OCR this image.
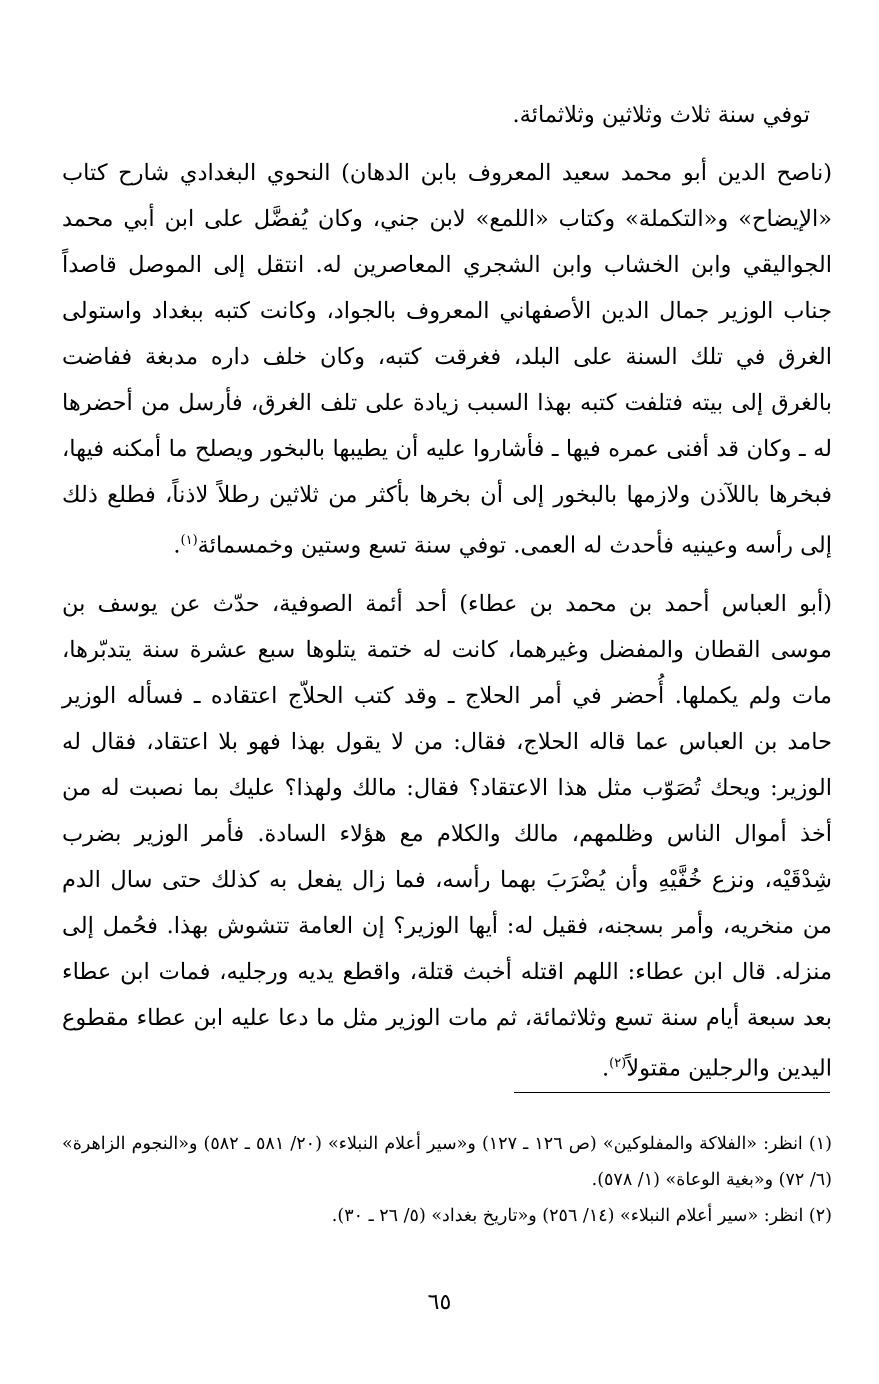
توفي سنة ثلاث وثلاثين وثلاثمائة.

(ناصح الدين أبو محمد سعيد المعروف بابن الدهان) النحوي البغدادي شارح كتاب «الإيضاح» و«التكملة» وكتاب «اللمع» لابن جني، وكان يُفضَّل على ابن أبي محمد الجواليقي وابن الخشاب وابن الشجري المعاصرين له. انتقل إلى الموصل قاصداً جناب الوزير جمال الدين الأصفهاني المعروف بالجواد، وكانت كتبه ببغداد واستولى الغرق في تلك السنة على البلد، فغرقت كتبه، وكان خلف داره مدبغة ففاضت بالغرق إلى بيته فتلفت كتبه بهذا السبب زيادة على تلف الغرق، فأرسل من أحضرها له ـ وكان قد أفنى عمره فيها ـ فأشاروا عليه أن يطيبها بالبخور ويصلح ما أمكنه فيها، فبخرها باللآذن ولازمها بالبخور إلى أن بخرها بأكثر من ثلاثين رطلاً لاذناً، فطلع ذلك إلى رأسه وعينيه فأحدث له العمى. توفي سنة تسع وستين وخمسمائة$^{(١)}$.

(أبو العباس أحمد بن محمد بن عطاء) أحد أئمة الصوفية، حدّث عن يوسف بن موسى القطان والمفضل وغيرهما، كانت له ختمة يتلوها سبع عشرة سنة يتدبّرها، مات ولم يكملها. أُحضر في أمر الحلاج ـ وقد كتب الحلاّج اعتقاده ـ فسأله الوزير حامد بن العباس عما قاله الحلاج، فقال: من لا يقول بهذا فهو بلا اعتقاد، فقال له الوزير: ويحك تُصَوّب مثل هذا الاعتقاد؟ فقال: مالك ولهذا؟ عليك بما نصبت له من أخذ أموال الناس وظلمهم، مالك والكلام مع هؤلاء السادة. فأمر الوزير بضرب شِدْقَيْه، ونزع خُفَّيْهِ وأن يُضْرَبَ بهما رأسه، فما زال يفعل به كذلك حتى سال الدم من منخريه، وأمر بسجنه، فقيل له: أيها الوزير؟ إن العامة تتشوش بهذا. فحُمل إلى منزله. قال ابن عطاء: اللهم اقتله أخبث قتلة، واقطع يديه ورجليه، فمات ابن عطاء بعد سبعة أيام سنة تسع وثلاثمائة، ثم مات الوزير مثل ما دعا عليه ابن عطاء مقطوع اليدين والرجلين مقتولاً$^{(٢)}$.

(١) انظر: «الفلاكة والمفلوكين» (ص ١٢٦ ـ ١٢٧) و«سير أعلام النبلاء» (٢٠/ ٥٨١ ـ ٥٨٢) و«النجوم الزاهرة» (٦/ ٧٢) و«بغية الوعاة» (١/ ٥٧٨).

(٢) انظر: «سير أعلام النبلاء» (١٤/ ٢٥٦) و«تاريخ بغداد» (٥/ ٢٦ ـ ٣٠).

٦٥
